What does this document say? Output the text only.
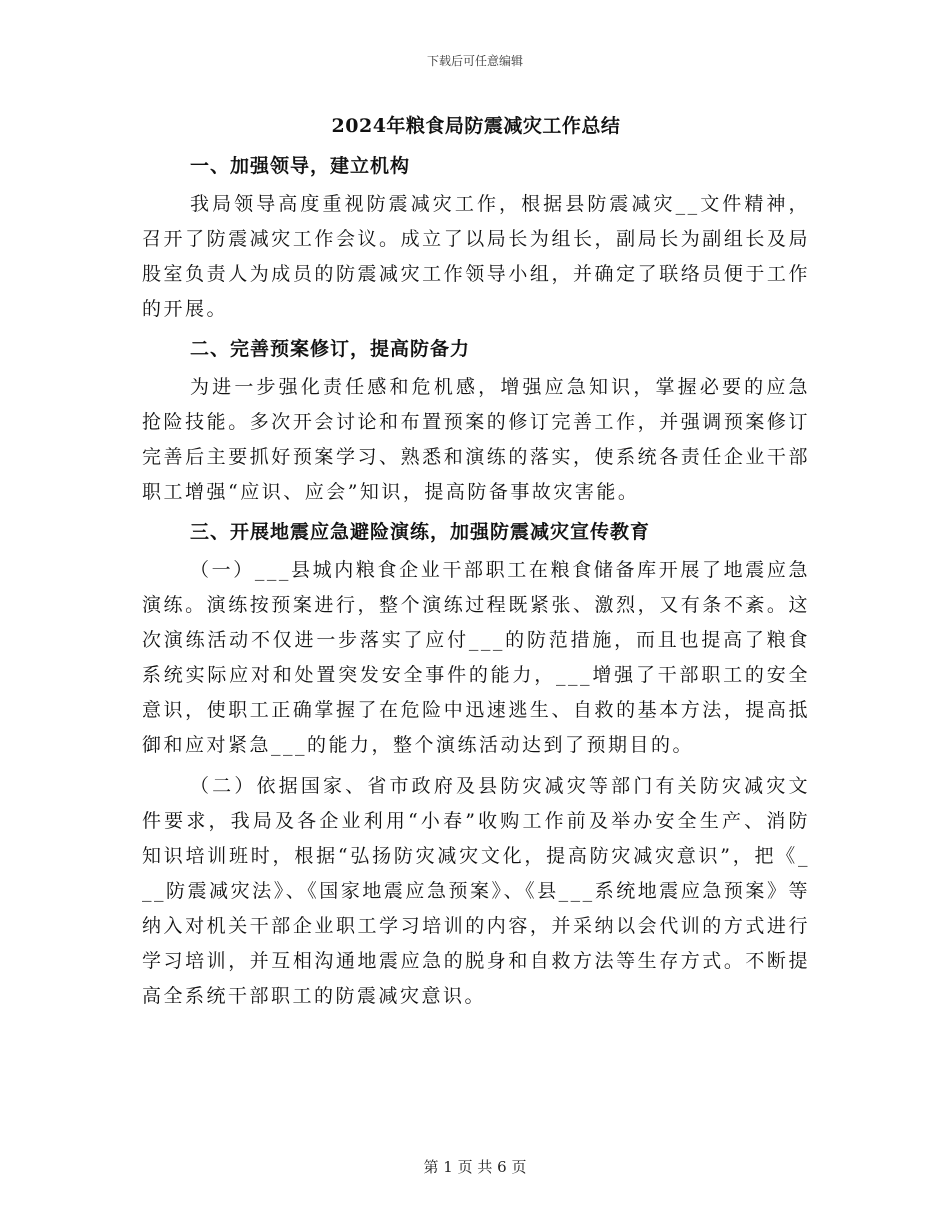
下载后可任意编辑
2024年粮食局防震减灾工作总结
一、加强领导，建立机构

我局领导高度重视防震减灾工作，根据县防震减灾__文件精神，召开了防震减灾工作会议。成立了以局长为组长，副局长为副组长及局股室负责人为成员的防震减灾工作领导小组，并确定了联络员便于工作的开展。

二、完善预案修订，提高防备力

为进一步强化责任感和危机感，增强应急知识，掌握必要的应急抢险技能。多次开会讨论和布置预案的修订完善工作，并强调预案修订完善后主要抓好预案学习、熟悉和演练的落实，使系统各责任企业干部职工增强“应识、应会”知识，提高防备事故灾害能。

三、开展地震应急避险演练，加强防震减灾宣传教育

（一）___县城内粮食企业干部职工在粮食储备库开展了地震应急演练。演练按预案进行，整个演练过程既紧张、激烈，又有条不紊。这次演练活动不仅进一步落实了应付___的防范措施，而且也提高了粮食系统实际应对和处置突发安全事件的能力，___增强了干部职工的安全意识，使职工正确掌握了在危险中迅速逃生、自救的基本方法，提高抵御和应对紧急___的能力，整个演练活动达到了预期目的。

（二）依据国家、省市政府及县防灾减灾等部门有关防灾减灾文件要求，我局及各企业利用“小春”收购工作前及举办安全生产、消防知识培训班时，根据“弘扬防灾减灾文化，提高防灾减灾意识”，把《___防震减灾法》、《国家地震应急预案》、《县___系统地震应急预案》等纳入对机关干部企业职工学习培训的内容，并采纳以会代训的方式进行学习培训，并互相沟通地震应急的脱身和自救方法等生存方式。不断提高全系统干部职工的防震减灾意识。

第 1 页 共 6 页
